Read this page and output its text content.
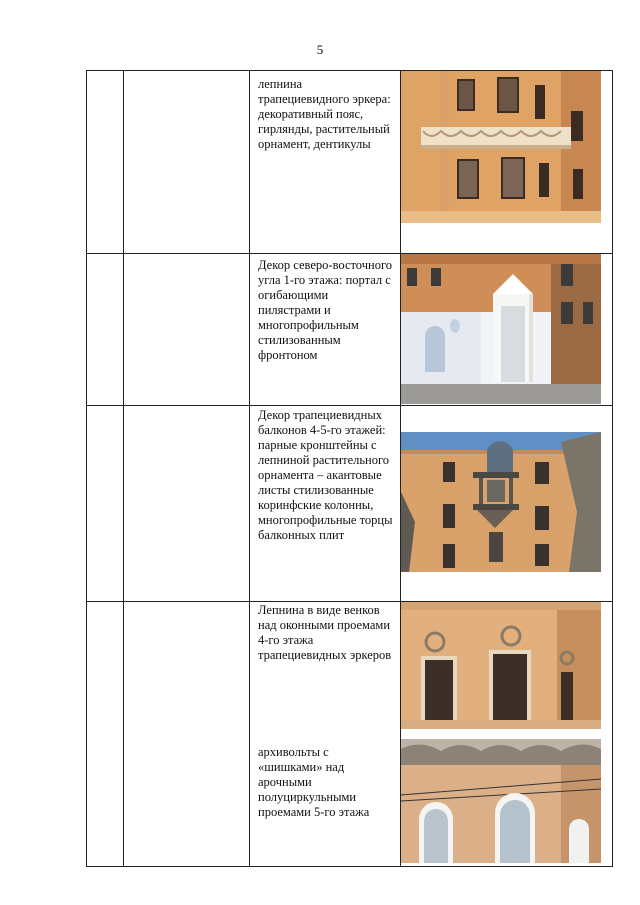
5

		лепнина трапециевидного эркера: декоративный пояс, гирлянды, растительный орнамент, дентикулы

		Декор северо-восточного угла 1-го этажа: портал с огибающими пилястрами и многопрофильным стилизованным фронтоном

		Декор трапециевидных балконов 4-5-го этажей: парные кронштейны с лепниной растительного орнамента – акантовые листы стилизованные коринфские колонны, многопрофильные торцы балконных плит

		Лепнина в виде венков над оконными проемами 4-го этажа трапециевидных эркеров
архивольты с «шишками» над арочными полуциркульными проемами 5-го этажа
